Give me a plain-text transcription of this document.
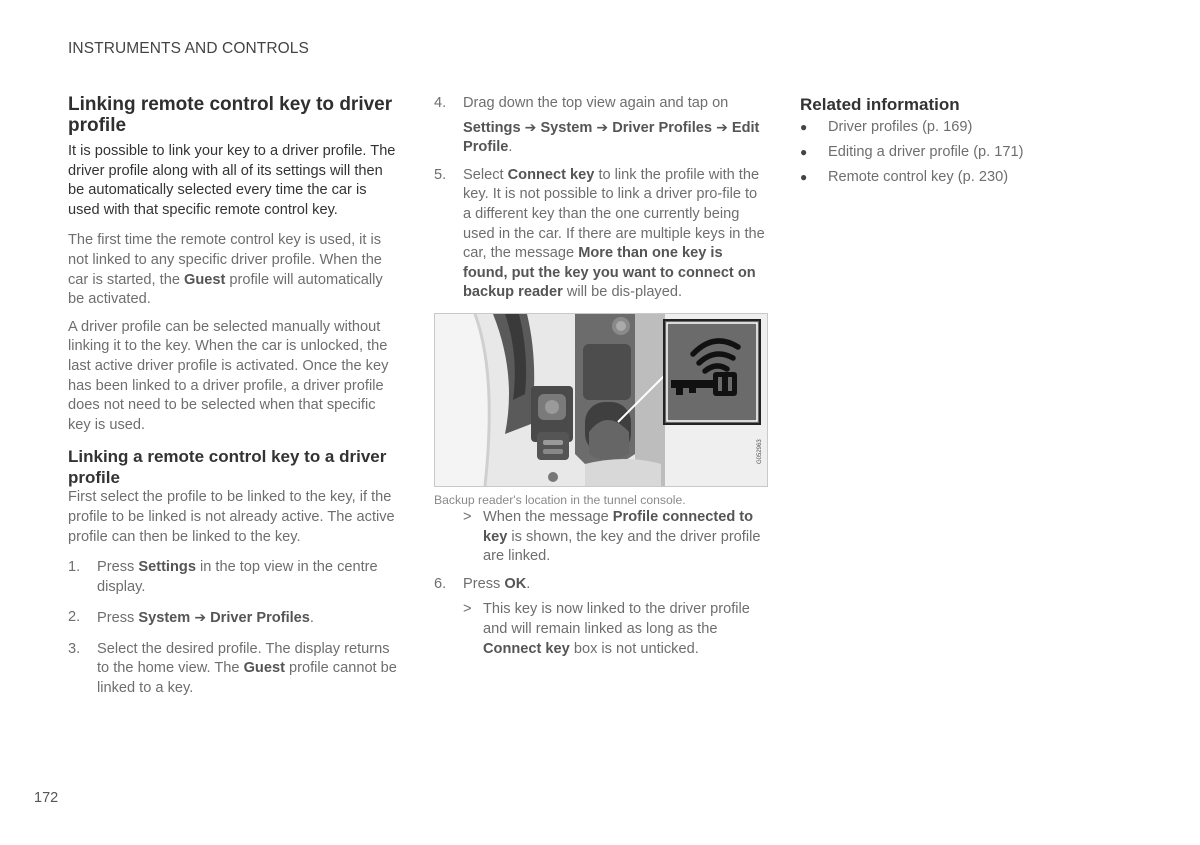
INSTRUMENTS AND CONTROLS
Linking remote control key to driver profile

It is possible to link your key to a driver profile. The driver profile along with all of its settings will then be automatically selected every time the car is used with that specific remote control key.

The first time the remote control key is used, it is not linked to any specific driver profile. When the car is started, the Guest profile will automatically be activated.

A driver profile can be selected manually without linking it to the key. When the car is unlocked, the last active driver profile is activated. Once the key has been linked to a driver profile, a driver profile does not need to be selected when that specific key is used.

Linking a remote control key to a driver profile

First select the profile to be linked to the key, if the profile to be linked is not already active. The active profile can then be linked to the key.

1. Press Settings in the top view in the centre display.
2. Press System ➔ Driver Profiles.
3. Select the desired profile. The display returns to the home view. The Guest profile cannot be linked to a key.
4. Drag down the top view again and tap on
Settings ➔ System ➔ Driver Profiles ➔ Edit Profile.
5. Select Connect key to link the profile with the key. It is not possible to link a driver pro-file to a different key than the one currently being used in the car. If there are multiple keys in the car, the message More than one key is found, put the key you want to connect on backup reader will be dis-played.
G052963
Backup reader's location in the tunnel console.
> When the message Profile connected to key is shown, the key and the driver profile are linked.
6. Press OK.
> This key is now linked to the driver profile and will remain linked as long as the Connect key box is not unticked.
Related information
● Driver profiles (p. 169)
● Editing a driver profile (p. 171)
● Remote control key (p. 230)
172
